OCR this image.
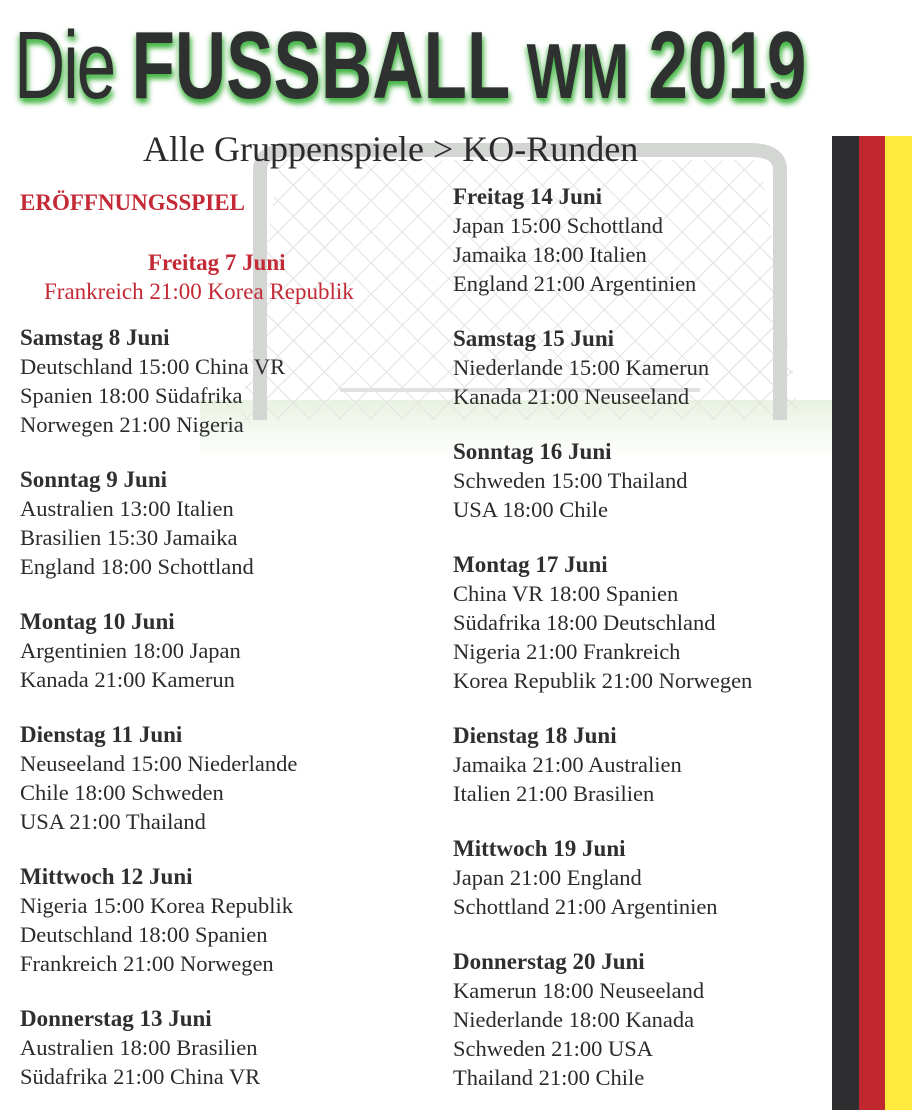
Die FUSSBALL WM 2019
Alle Gruppenspiele > KO-Runden
ERÖFFNUNGSSPIEL
Freitag 7 Juni
Frankreich 21:00 Korea Republik
Samstag 8 Juni
Deutschland 15:00 China VR
Spanien 18:00 Südafrika
Norwegen 21:00 Nigeria
Sonntag 9 Juni
Australien 13:00 Italien
Brasilien 15:30 Jamaika
England 18:00 Schottland
Montag 10 Juni
Argentinien 18:00 Japan
Kanada 21:00 Kamerun
Dienstag 11 Juni
Neuseeland 15:00 Niederlande
Chile 18:00 Schweden
USA 21:00 Thailand
Mittwoch 12 Juni
Nigeria 15:00 Korea Republik
Deutschland 18:00 Spanien
Frankreich 21:00 Norwegen
Donnerstag 13 Juni
Australien 18:00 Brasilien
Südafrika 21:00 China VR
Freitag 14 Juni
Japan 15:00 Schottland
Jamaika 18:00 Italien
England 21:00 Argentinien
Samstag 15 Juni
Niederlande 15:00 Kamerun
Kanada 21:00 Neuseeland
Sonntag 16 Juni
Schweden 15:00 Thailand
USA 18:00 Chile
Montag 17 Juni
China VR 18:00 Spanien
Südafrika 18:00 Deutschland
Nigeria 21:00 Frankreich
Korea Republik 21:00 Norwegen
Dienstag 18 Juni
Jamaika 21:00 Australien
Italien 21:00 Brasilien
Mittwoch 19 Juni
Japan 21:00 England
Schottland 21:00 Argentinien
Donnerstag 20 Juni
Kamerun 18:00 Neuseeland
Niederlande 18:00 Kanada
Schweden 21:00 USA
Thailand 21:00 Chile
